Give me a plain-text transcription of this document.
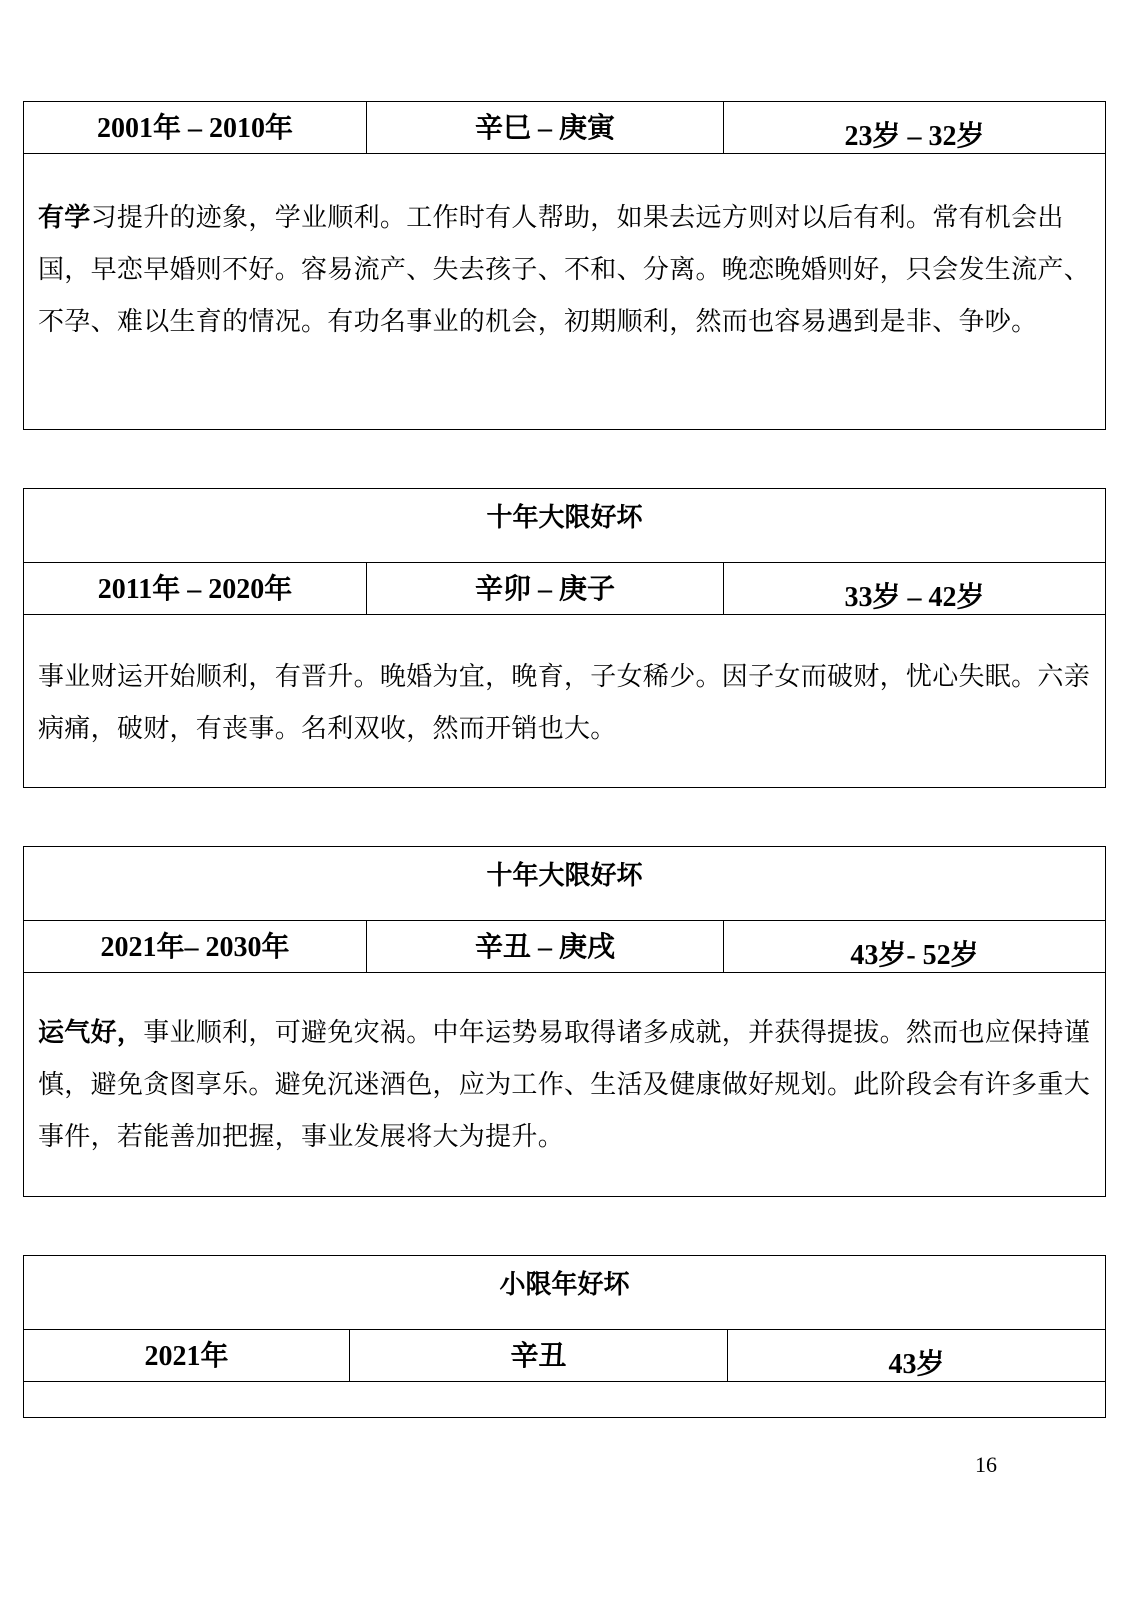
2001年 – 2010年	辛巳 – 庚寅	23岁 – 32岁
有学习提升的迹象，学业顺利。工作时有人帮助，如果去远方则对以后有利。常有机会出国，早恋早婚则不好。容易流产、失去孩子、不和、分离。晚恋晚婚则好，只会发生流产、不孕、难以生育的情况。有功名事业的机会，初期顺利，然而也容易遇到是非、争吵。
十年大限好坏
2011年 – 2020年	辛卯 – 庚子	33岁 – 42岁
事业财运开始顺利，有晋升。晚婚为宜，晚育，子女稀少。因子女而破财，忧心失眠。六亲病痛，破财，有丧事。名利双收，然而开销也大。
十年大限好坏
2021年– 2030年	辛丑 – 庚戌	43岁- 52岁
运气好，事业顺利，可避免灾祸。中年运势易取得诸多成就，并获得提拔。然而也应保持谨慎，避免贪图享乐。避免沉迷酒色，应为工作、生活及健康做好规划。此阶段会有许多重大事件，若能善加把握，事业发展将大为提升。
小限年好坏
2021年	辛丑	43岁
16
